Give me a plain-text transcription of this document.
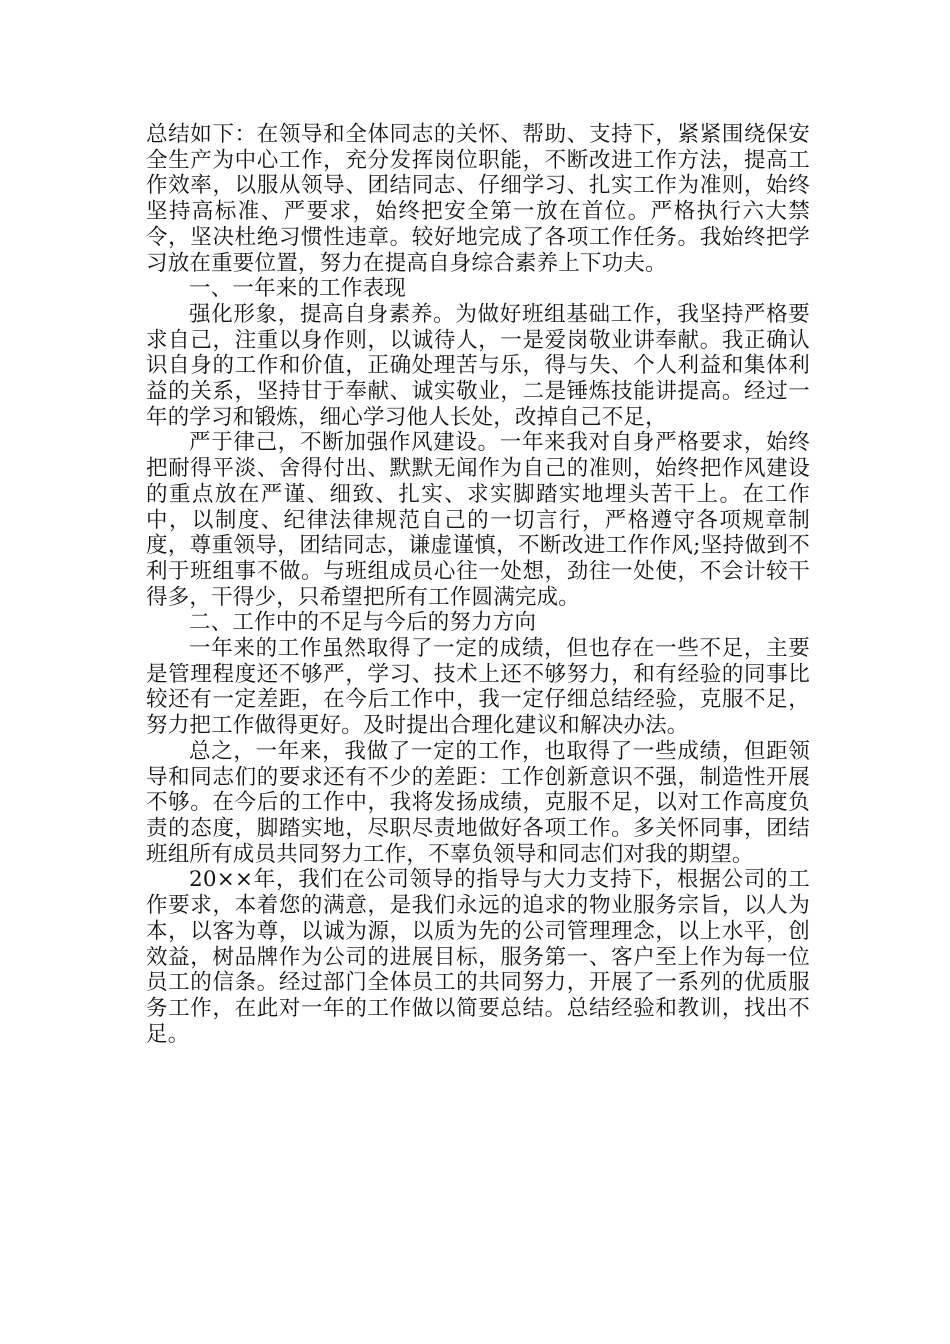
总结如下：在领导和全体同志的关怀、帮助、支持下，紧紧围绕保安全生产为中心工作，充分发挥岗位职能，不断改进工作方法，提高工作效率，以服从领导、团结同志、仔细学习、扎实工作为准则，始终坚持高标准、严要求，始终把安全第一放在首位。严格执行六大禁令，坚决杜绝习惯性违章。较好地完成了各项工作任务。我始终把学习放在重要位置，努力在提高自身综合素养上下功夫。

一、一年来的工作表现

强化形象，提高自身素养。为做好班组基础工作，我坚持严格要求自己，注重以身作则，以诚待人，一是爱岗敬业讲奉献。我正确认识自身的工作和价值，正确处理苦与乐，得与失、个人利益和集体利益的关系，坚持甘于奉献、诚实敬业，二是锤炼技能讲提高。经过一年的学习和锻炼，细心学习他人长处，改掉自己不足，

严于律己，不断加强作风建设。一年来我对自身严格要求，始终把耐得平淡、舍得付出、默默无闻作为自己的准则，始终把作风建设的重点放在严谨、细致、扎实、求实脚踏实地埋头苦干上。在工作中，以制度、纪律法律规范自己的一切言行，严格遵守各项规章制度，尊重领导，团结同志，谦虚谨慎，不断改进工作作风;坚持做到不利于班组事不做。与班组成员心往一处想，劲往一处使，不会计较干得多，干得少，只希望把所有工作圆满完成。

二、工作中的不足与今后的努力方向

一年来的工作虽然取得了一定的成绩，但也存在一些不足，主要是管理程度还不够严，学习、技术上还不够努力，和有经验的同事比较还有一定差距，在今后工作中，我一定仔细总结经验，克服不足，努力把工作做得更好。及时提出合理化建议和解决办法。

总之，一年来，我做了一定的工作，也取得了一些成绩，但距领导和同志们的要求还有不少的差距：工作创新意识不强，制造性开展不够。在今后的工作中，我将发扬成绩，克服不足，以对工作高度负责的态度，脚踏实地，尽职尽责地做好各项工作。多关怀同事，团结班组所有成员共同努力工作，不辜负领导和同志们对我的期望。

20××年，我们在公司领导的指导与大力支持下，根据公司的工作要求，本着您的满意，是我们永远的追求的物业服务宗旨，以人为本，以客为尊，以诚为源，以质为先的公司管理理念，以上水平，创效益，树品牌作为公司的进展目标，服务第一、客户至上作为每一位员工的信条。经过部门全体员工的共同努力，开展了一系列的优质服务工作，在此对一年的工作做以简要总结。总结经验和教训，找出不足。
